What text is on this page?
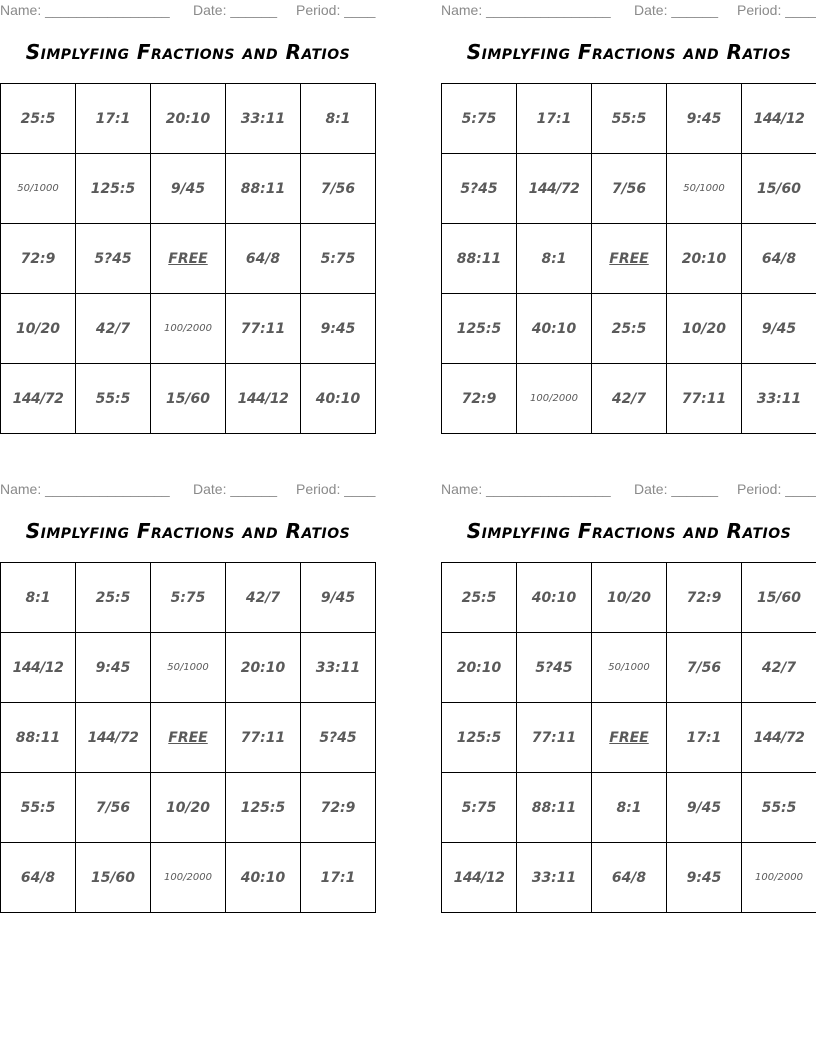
Name: ________________ Date: ______ Period: ____
Simplyfing Fractions and Ratios
25:5	17:1	20:10	33:11	8:1
50/1000	125:5	9/45	88:11	7/56
72:9	5?45	FREE	64/8	5:75
10/20	42/7	100/2000	77:11	9:45
144/72	55:5	15/60	144/12	40:10
Name: ________________ Date: ______ Period: ____
Simplyfing Fractions and Ratios
5:75	17:1	55:5	9:45	144/12
5?45	144/72	7/56	50/1000	15/60
88:11	8:1	FREE	20:10	64/8
125:5	40:10	25:5	10/20	9/45
72:9	100/2000	42/7	77:11	33:11
Name: ________________ Date: ______ Period: ____
Simplyfing Fractions and Ratios
8:1	25:5	5:75	42/7	9/45
144/12	9:45	50/1000	20:10	33:11
88:11	144/72	FREE	77:11	5?45
55:5	7/56	10/20	125:5	72:9
64/8	15/60	100/2000	40:10	17:1
Name: ________________ Date: ______ Period: ____
Simplyfing Fractions and Ratios
25:5	40:10	10/20	72:9	15/60
20:10	5?45	50/1000	7/56	42/7
125:5	77:11	FREE	17:1	144/72
5:75	88:11	8:1	9/45	55:5
144/12	33:11	64/8	9:45	100/2000
